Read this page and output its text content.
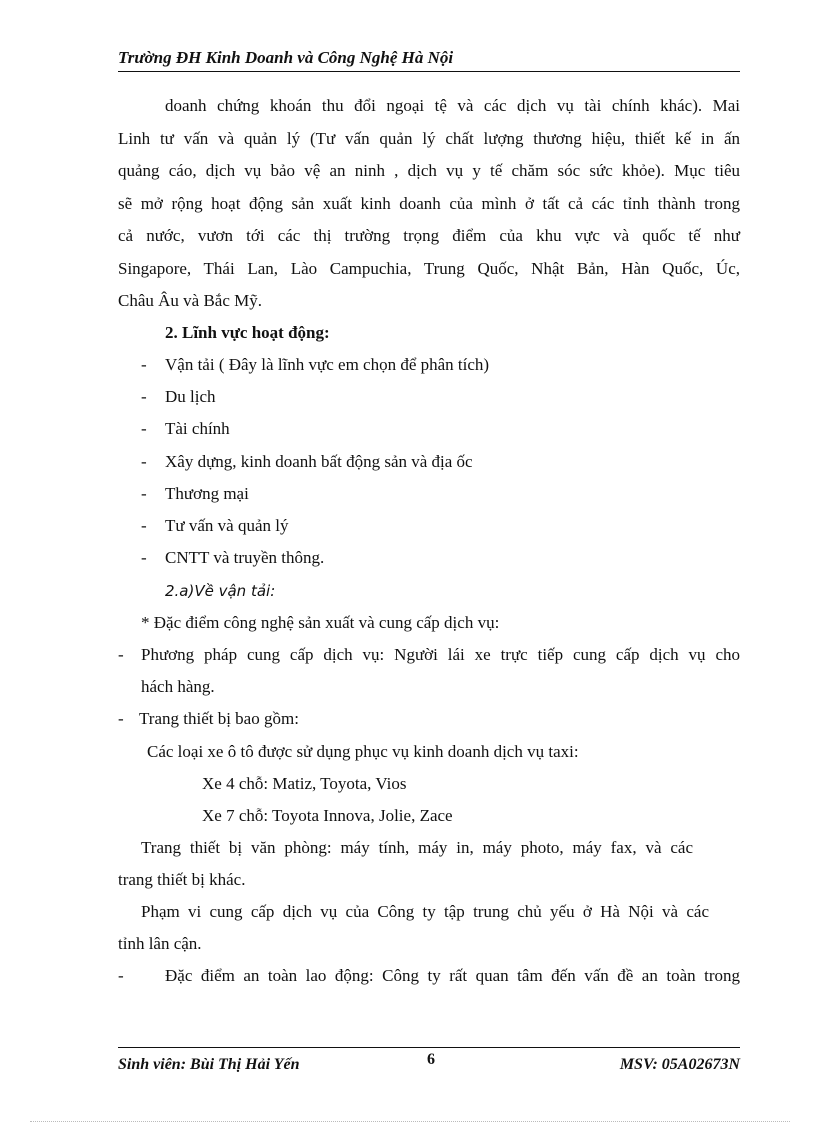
Trường ĐH Kinh Doanh và Công Nghệ Hà Nội
doanh chứng khoán thu đổi ngoại tệ và các dịch vụ tài chính khác). Mai
Linh tư vấn và quản lý (Tư vấn quản lý chất lượng thương hiệu, thiết kế in ấn
quảng cáo, dịch vụ bảo vệ an ninh , dịch vụ y tế chăm sóc sức khỏe). Mục tiêu
sẽ mở rộng hoạt động sản xuất kinh doanh của mình ở tất cả các tỉnh thành trong
cả nước, vươn tới các thị trường trọng điểm của khu vực và quốc tế như
Singapore, Thái Lan, Lào Campuchia, Trung Quốc, Nhật Bản, Hàn Quốc, Úc,
Châu Âu và Bắc Mỹ.
2. Lĩnh vực hoạt động:
- Vận tải ( Đây là lĩnh vực em chọn để phân tích)
- Du lịch
- Tài chính
- Xây dựng, kinh doanh bất động sản và địa ốc
- Thương mại
- Tư vấn và quản lý
- CNTT và truyền thông.
2.a)Về vận tải:
* Đặc điểm công nghệ sản xuất và cung cấp dịch vụ:
- Phương pháp cung cấp dịch vụ: Người lái xe trực tiếp cung cấp dịch vụ cho
hách hàng.
- Trang thiết bị bao gồm:
Các loại xe ô tô được sử dụng phục vụ kinh doanh dịch vụ taxi:
Xe 4 chỗ: Matiz, Toyota, Vios
Xe 7 chỗ: Toyota Innova, Jolie, Zace
Trang thiết bị văn phòng: máy tính, máy in, máy photo, máy fax, và các
trang thiết bị khác.
Phạm vi cung cấp dịch vụ của Công ty tập trung chủ yếu ở Hà Nội và các
tỉnh lân cận.
- Đặc điểm an toàn lao động: Công ty rất quan tâm đến vấn đề an toàn trong
Sinh viên: Bùi Thị Hải Yến	6	MSV: 05A02673N
